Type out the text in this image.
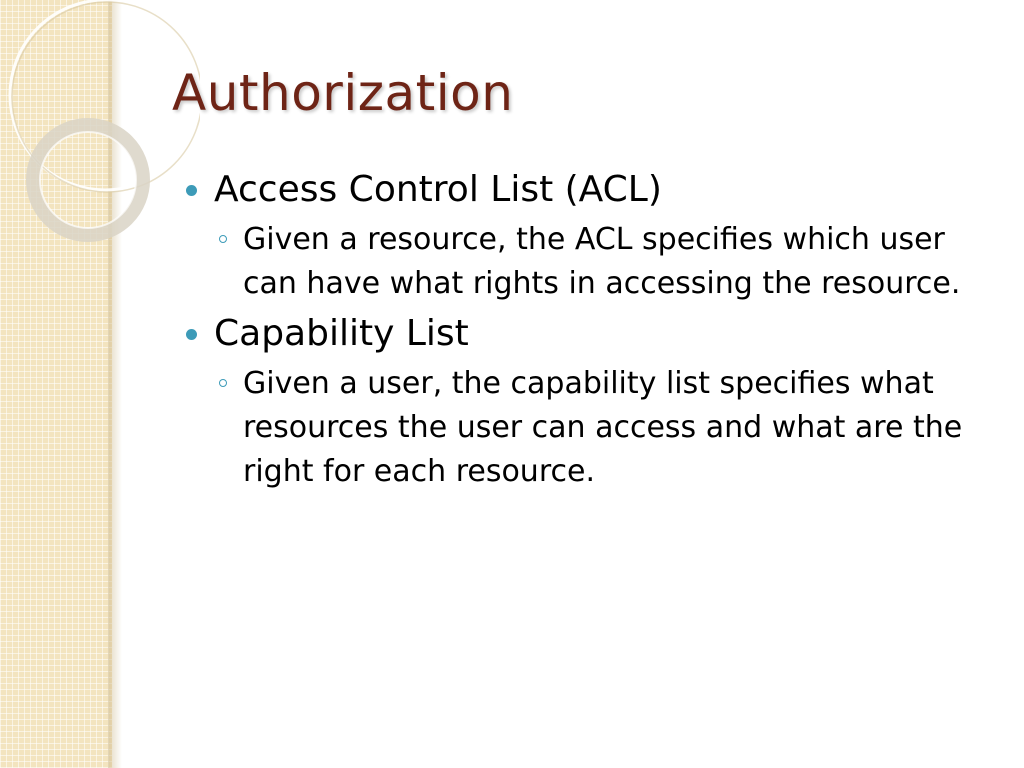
Authorization
Access Control List (ACL)
Given a resource, the ACL specifies which user can have what rights in accessing the resource.
Capability List
Given a user, the capability list specifies what resources the user can access and what are the right for each resource.
